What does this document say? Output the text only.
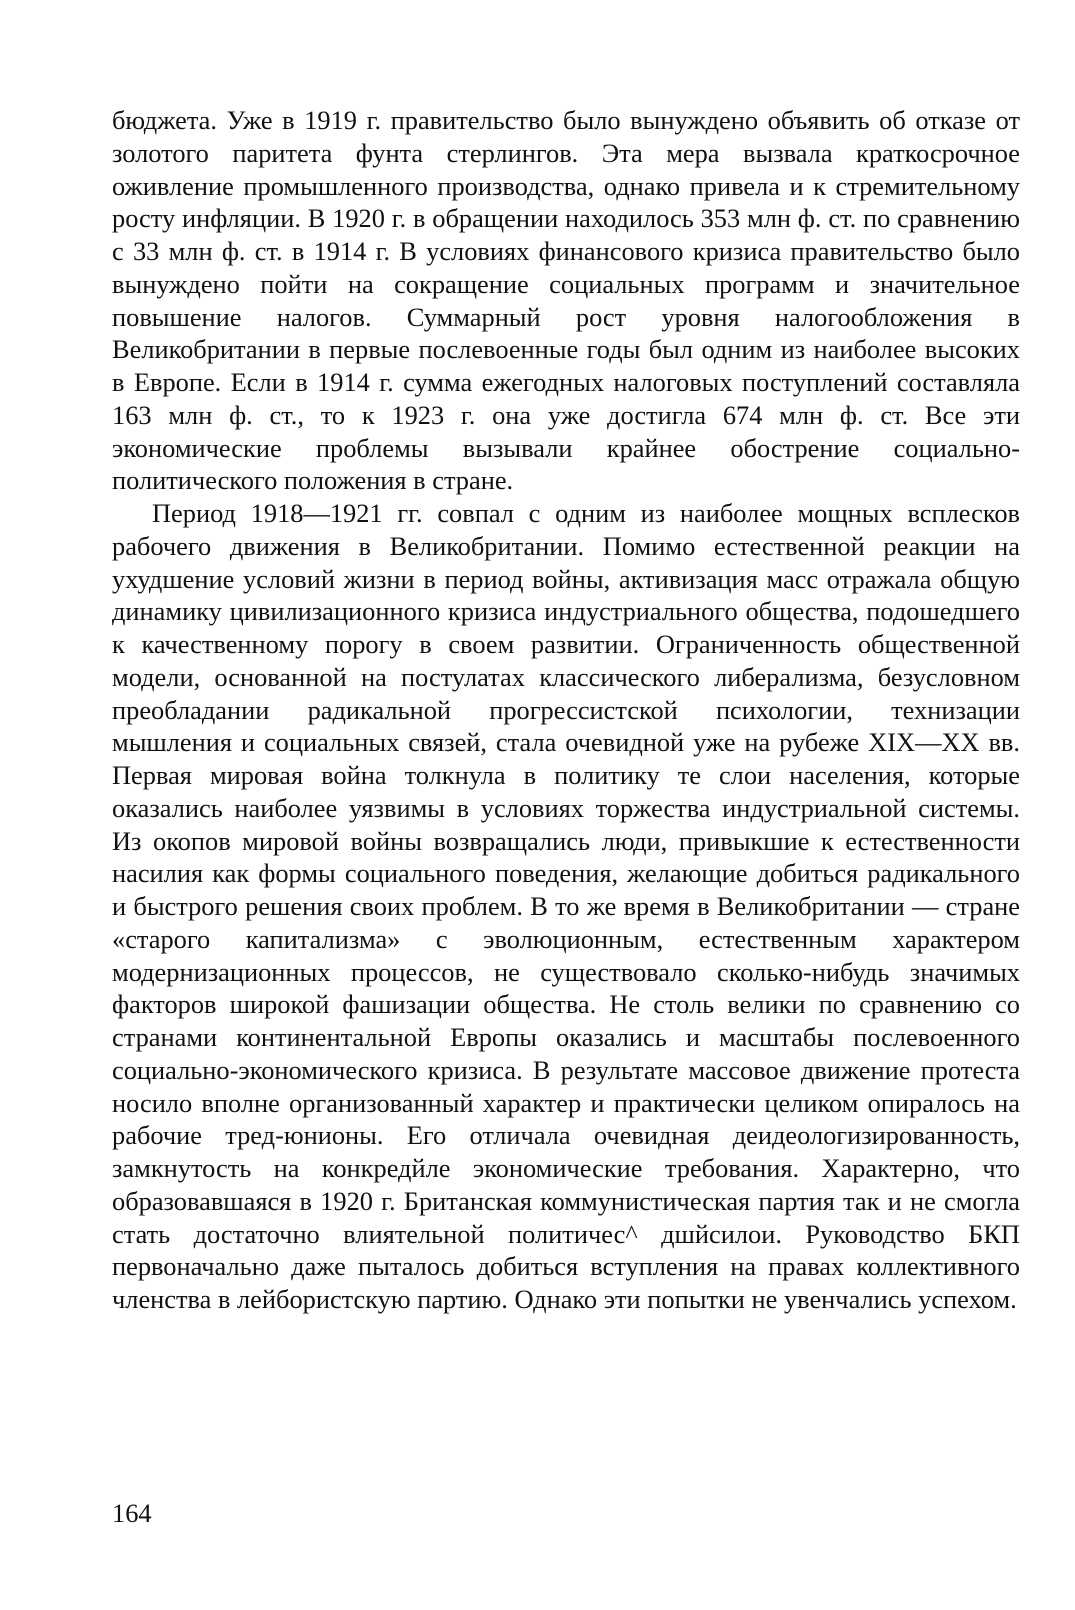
бюджета. Уже в 1919 г. правительство было вынуждено объявить об отказе от золотого паритета фунта стерлингов. Эта мера вызвала краткосрочное оживление промышленного производства, однако привела и к стремительному росту инфляции. В 1920 г. в обращении находилось 353 млн ф. ст. по сравнению с 33 млн ф. ст. в 1914 г. В условиях финансового кризиса правительство было вынуждено пойти на сокращение социальных программ и значительное повышение налогов. Суммарный рост уровня налогообложения в Великобритании в первые послевоенные годы был одним из наиболее высоких в Европе. Если в 1914 г. сумма ежегодных налоговых поступлений составляла 163 млн ф. ст., то к 1923 г. она уже достигла 674 млн ф. ст. Все эти экономические проблемы вызывали крайнее обострение социально-политического положения в стране.

Период 1918—1921 гг. совпал с одним из наиболее мощных всплесков рабочего движения в Великобритании. Помимо естественной реакции на ухудшение условий жизни в период войны, активизация масс отражала общую динамику цивилизационного кризиса индустриального общества, подошедшего к качественному порогу в своем развитии. Ограниченность общественной модели, основанной на постулатах классического либерализма, безусловном преобладании радикальной прогрессистской психологии, технизации мышления и социальных связей, стала очевидной уже на рубеже XIX—XX вв. Первая мировая война толкнула в политику те слои населения, которые оказались наиболее уязвимы в условиях торжества индустриальной системы. Из окопов мировой войны возвращались люди, привыкшие к естественности насилия как формы социального поведения, желающие добиться радикального и быстрого решения своих проблем. В то же время в Великобритании — стране «старого капитализма» с эволюционным, естественным характером модернизационных процессов, не существовало сколько-нибудь значимых факторов широкой фашизации общества. Не столь велики по сравнению со странами континентальной Европы оказались и масштабы послевоенного социально-экономического кризиса. В результате массовое движение протеста носило вполне организованный характер и практически целиком опиралось на рабочие тред-юнионы. Его отличала очевидная деидеологизированность, замкнутость на конкредйле экономические требования. Характерно, что образовавшаяся в 1920 г. Британская коммунистическая партия так и не смогла стать достаточно влиятельной политичес^ дшйсилои. Руководство БКП первоначально даже пыталось добиться вступления на правах коллективного членства в лейбористскую партию. Однако эти попытки не увенчались успехом.

164
